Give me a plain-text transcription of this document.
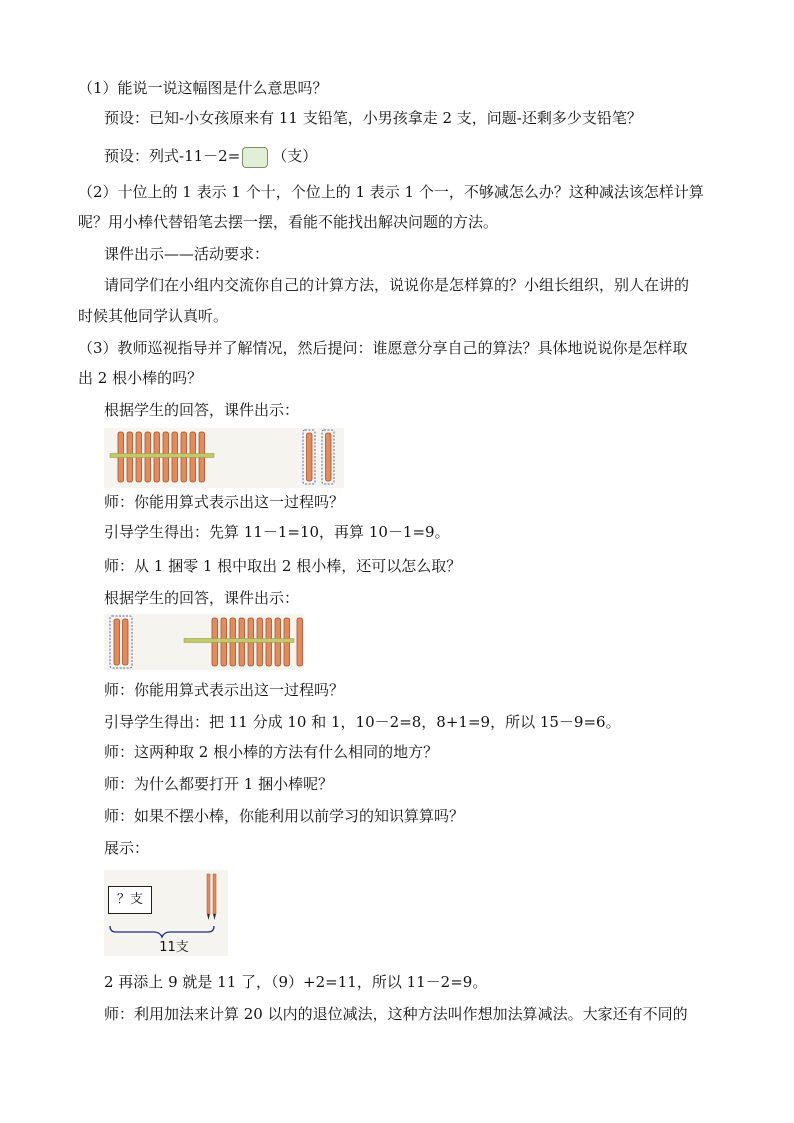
（1）能说一说这幅图是什么意思吗？
预设：已知-小女孩原来有 11 支铅笔，小男孩拿走 2 支，问题-还剩多少支铅笔？
预设：列式-11－2= （支）
（2）十位上的 1 表示 1 个十，个位上的 1 表示 1 个一，不够减怎么办？这种减法该怎样计算
呢？用小棒代替铅笔去摆一摆，看能不能找出解决问题的方法。
课件出示——活动要求：
请同学们在小组内交流你自己的计算方法，说说你是怎样算的？小组长组织，别人在讲的
时候其他同学认真听。
（3）教师巡视指导并了解情况，然后提问：谁愿意分享自己的算法？具体地说说你是怎样取
出 2 根小棒的吗？
根据学生的回答，课件出示：
师：你能用算式表示出这一过程吗？
引导学生得出：先算 11－1=10，再算 10－1=9。
师：从 1 捆零 1 根中取出 2 根小棒，还可以怎么取？
根据学生的回答，课件出示：
师：你能用算式表示出这一过程吗？
引导学生得出：把 11 分成 10 和 1，10－2=8，8+1=9，所以 15－9=6。
师：这两种取 2 根小棒的方法有什么相同的地方？
师：为什么都要打开 1 捆小棒呢？
师：如果不摆小棒，你能利用以前学习的知识算算吗？
展示：
？支
11支
2 再添上 9 就是 11 了，（9）+2=11，所以 11－2=9。
师：利用加法来计算 20 以内的退位减法，这种方法叫作想加法算减法。大家还有不同的
